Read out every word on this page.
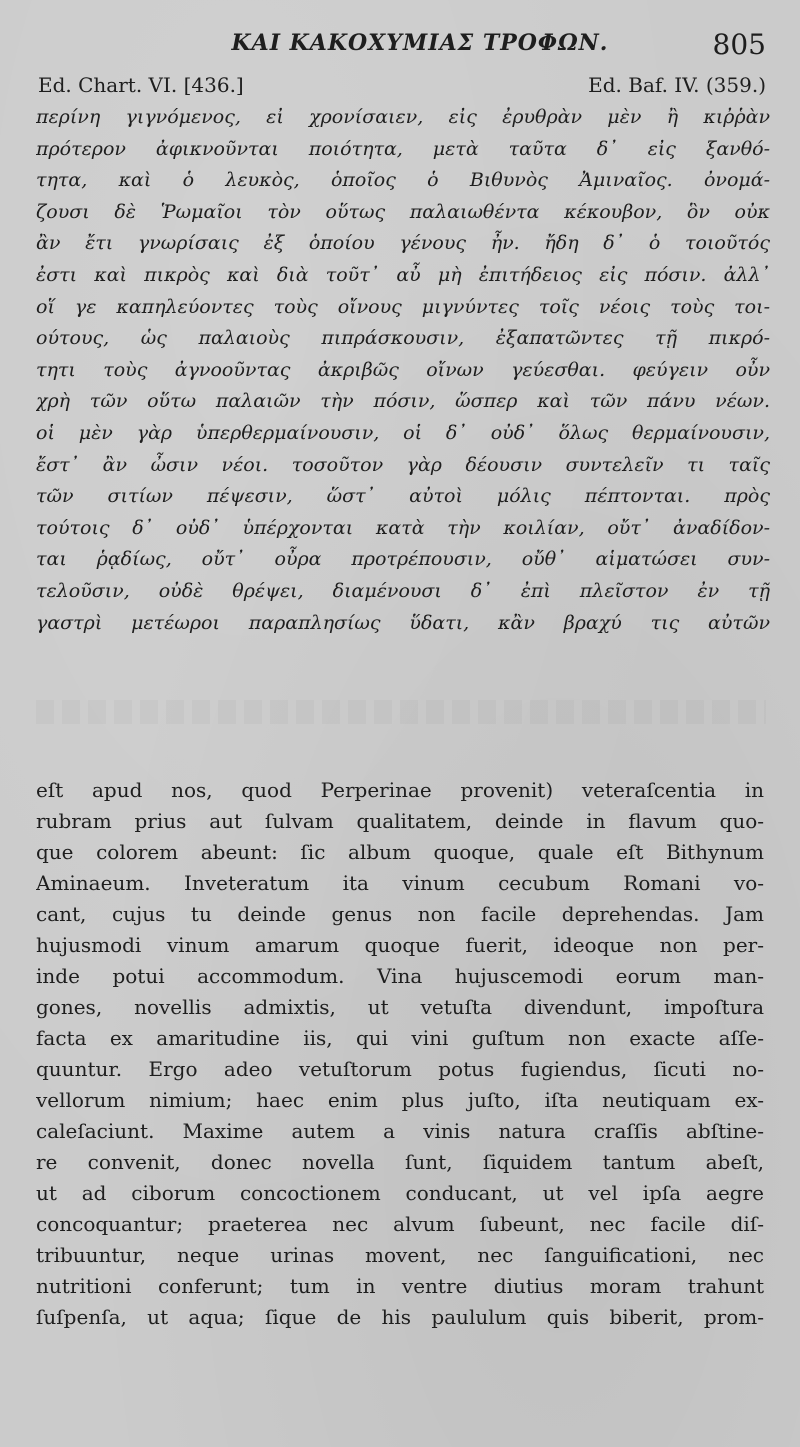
ΚΑΙ ΚΑΚΟΧΥΜΙΑΣ ΤΡΟΦΩΝ.	805
Ed. Chart. VI. [436.]	Ed. Baf. IV. (359.)
περίνη γιγνόμενος, εἰ χρονίσαιεν, εἰς ἐρυθρὰν μὲν ἢ κιῤῥὰν
πρότερον ἀφικνοῦνται ποιότητα, μετὰ ταῦτα δ᾽ εἰς ξανθό-
τητα, καὶ ὁ λευκὸς, ὁποῖος ὁ Βιθυνὸς Ἀμιναῖος. ὀνομά-
ζουσι δὲ Ῥωμαῖοι τὸν οὕτως παλαιωθέντα κέκουβον, ὃν οὐκ
ἂν ἔτι γνωρίσαις ἐξ ὁποίου γένους ἦν. ἤδη δ᾽ ὁ τοιοῦτός
ἐστι καὶ πικρὸς καὶ διὰ τοῦτ᾽ αὖ μὴ ἐπιτήδειος εἰς πόσιν. ἀλλ᾽
οἵ γε καπηλεύοντες τοὺς οἴνους μιγνύντες τοῖς νέοις τοὺς τοι-
ούτους, ὡς παλαιοὺς πιπράσκουσιν, ἐξαπατῶντες τῇ πικρό-
τητι τοὺς ἀγνοοῦντας ἀκριβῶς οἴνων γεύεσθαι. φεύγειν οὖν
χρὴ τῶν οὕτω παλαιῶν τὴν πόσιν, ὥσπερ καὶ τῶν πάνυ νέων.
οἱ μὲν γὰρ ὑπερθερμαίνουσιν, οἱ δ᾽ οὐδ᾽ ὅλως θερμαίνουσιν,
ἔστ᾽ ἂν ὦσιν νέοι. τοσοῦτον γὰρ δέουσιν συντελεῖν τι ταῖς
τῶν σιτίων πέψεσιν, ὥστ᾽ αὐτοὶ μόλις πέπτονται. πρὸς
τούτοις δ᾽ οὐδ᾽ ὑπέρχονται κατὰ τὴν κοιλίαν, οὔτ᾽ ἀναδίδον-
ται ῥᾳδίως, οὔτ᾽ οὖρα προτρέπουσιν, οὔθ᾽ αἱματώσει συν-
τελοῦσιν, οὐδὲ θρέψει, διαμένουσι δ᾽ ἐπὶ πλεῖστον ἐν τῇ
γαστρὶ μετέωροι παραπλησίως ὕδατι, κἂν βραχύ τις αὐτῶν
eſt apud nos, quod Perperinae provenit) veteraſcentia in
rubram prius aut ſulvam qualitatem, deinde in flavum quo-
que colorem abeunt: ſic album quoque, quale eſt Bithynum
Aminaeum. Inveteratum ita vinum cecubum Romani vo-
cant, cujus tu deinde genus non facile deprehendas. Jam
hujusmodi vinum amarum quoque fuerit, ideoque non per-
inde potui accommodum. Vina hujuscemodi eorum man-
gones, novellis admixtis, ut vetuſta divendunt, impoſtura
facta ex amaritudine iis, qui vini guſtum non exacte aſſe-
quuntur. Ergo adeo vetuſtorum potus fugiendus, ſicuti no-
vellorum nimium; haec enim plus juſto, iſta neutiquam ex-
caleſaciunt. Maxime autem a vinis natura craſſis abſtine-
re convenit, donec novella ſunt, ſiquidem tantum abeſt,
ut ad ciborum concoctionem conducant, ut vel ipſa aegre
concoquantur; praeterea nec alvum ſubeunt, nec facile diſ-
tribuuntur, neque urinas movent, nec ſanguificationi, nec
nutritioni conferunt; tum in ventre diutius moram trahunt
ſuſpenſa, ut aqua; ſique de his paululum quis biberit, prom-
